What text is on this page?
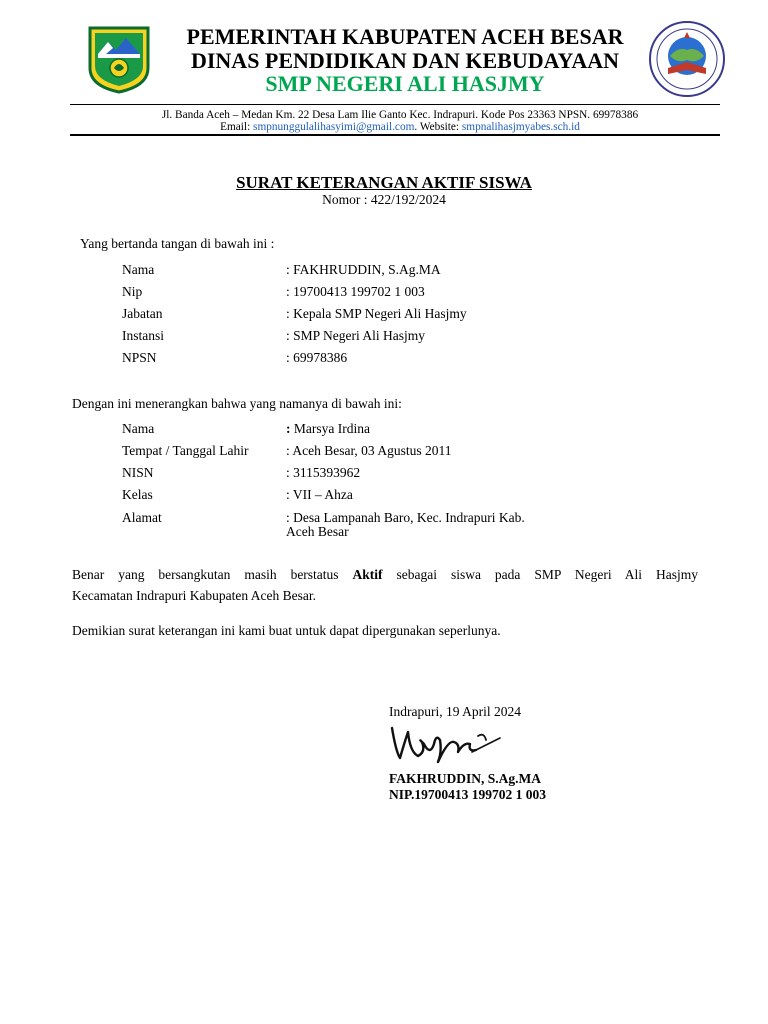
PEMERINTAH KABUPATEN ACEH BESAR
DINAS PENDIDIKAN DAN KEBUDAYAAN
SMP NEGERI ALI HASJMY
Jl. Banda Aceh – Medan Km. 22 Desa Lam Ilie Ganto Kec. Indrapuri. Kode Pos 23363 NPSN. 69978386
Email: smpnunggulalihasyimi@gmail.com. Website: smpnalihasjmyabes.sch.id
SURAT KETERANGAN AKTIF SISWA
Nomor : 422/192/2024
Yang bertanda tangan di bawah ini :
Nama	: FAKHRUDDIN, S.Ag.MA
Nip	: 19700413 199702 1 003
Jabatan	: Kepala SMP Negeri Ali Hasjmy
Instansi	: SMP Negeri Ali Hasjmy
NPSN	: 69978386
Dengan ini menerangkan bahwa yang namanya di bawah ini:
Nama	: Marsya Irdina
Tempat / Tanggal Lahir	: Aceh Besar, 03 Agustus 2011
NISN	: 3115393962
Kelas	: VII – Ahza
Alamat	: Desa Lampanah Baro, Kec. Indrapuri Kab.
Aceh Besar
Benar yang bersangkutan masih berstatus Aktif sebagai siswa pada SMP Negeri Ali Hasjmy
Kecamatan Indrapuri Kabupaten Aceh Besar.
Demikian surat keterangan ini kami buat untuk dapat dipergunakan seperlunya.
Indrapuri, 19 April 2024
FAKHRUDDIN, S.Ag.MA
NIP.19700413 199702 1 003
